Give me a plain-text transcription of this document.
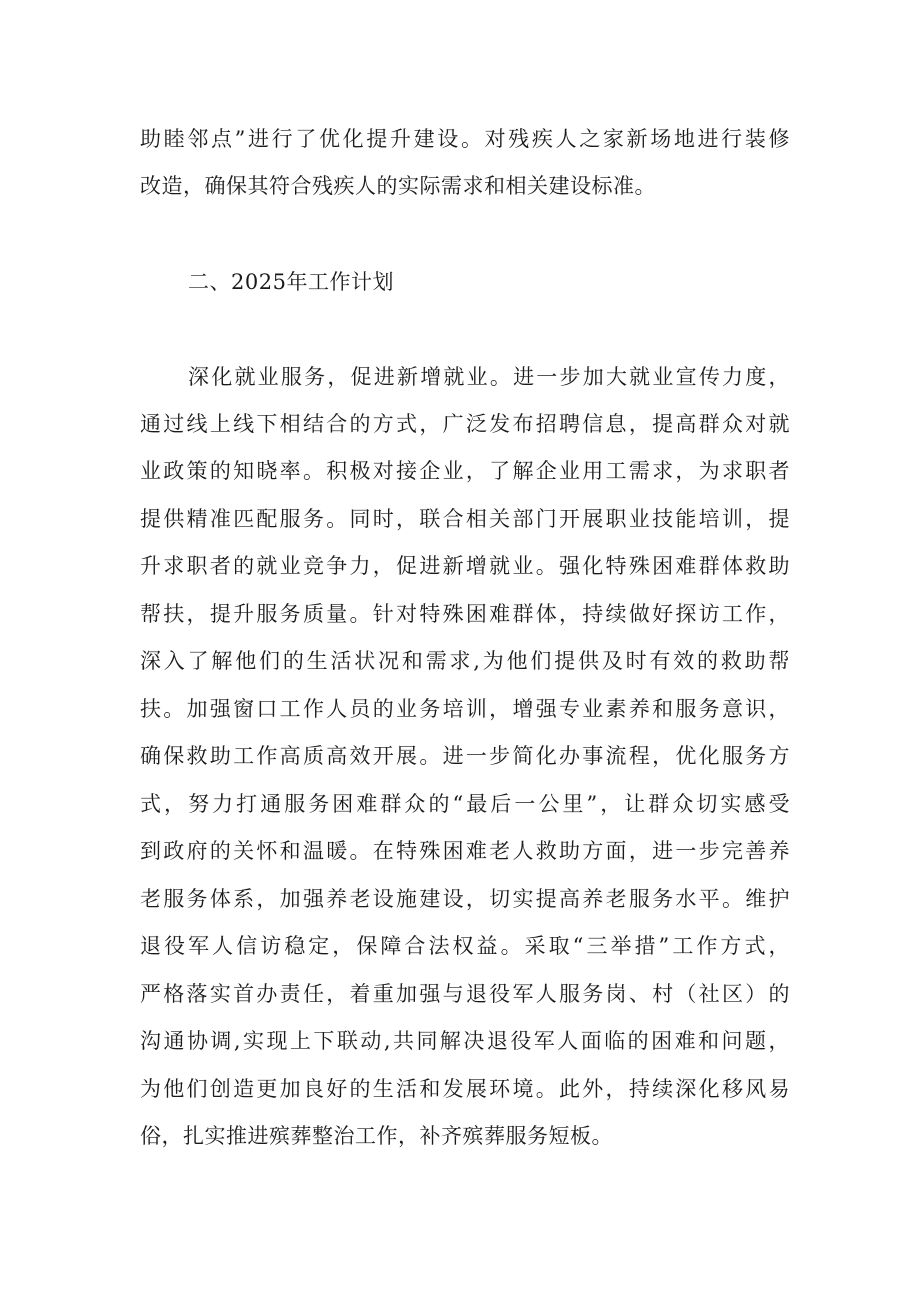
助睦邻点”进行了优化提升建设。对残疾人之家新场地进行装修
改造，确保其符合残疾人的实际需求和相关建设标准。
二、2025年工作计划
深化就业服务，促进新增就业。进一步加大就业宣传力度，
通过线上线下相结合的方式，广泛发布招聘信息，提高群众对就
业政策的知晓率。积极对接企业，了解企业用工需求，为求职者
提供精准匹配服务。同时，联合相关部门开展职业技能培训，提
升求职者的就业竞争力，促进新增就业。强化特殊困难群体救助
帮扶，提升服务质量。针对特殊困难群体，持续做好探访工作，
深入了解他们的生活状况和需求,为他们提供及时有效的救助帮
扶。加强窗口工作人员的业务培训，增强专业素养和服务意识，
确保救助工作高质高效开展。进一步简化办事流程，优化服务方
式，努力打通服务困难群众的“最后一公里”，让群众切实感受
到政府的关怀和温暖。在特殊困难老人救助方面，进一步完善养
老服务体系，加强养老设施建设，切实提高养老服务水平。维护
退役军人信访稳定，保障合法权益。采取“三举措”工作方式，
严格落实首办责任，着重加强与退役军人服务岗、村（社区）的
沟通协调,实现上下联动,共同解决退役军人面临的困难和问题，
为他们创造更加良好的生活和发展环境。此外，持续深化移风易
俗，扎实推进殡葬整治工作，补齐殡葬服务短板。
